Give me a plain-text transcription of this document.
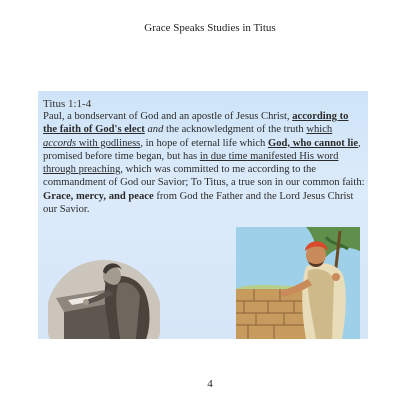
Grace Speaks Studies in Titus
Titus 1:1-4
Paul, a bondservant of God and an apostle of Jesus Christ, according to the faith of God's elect and the acknowledgment of the truth which accords with godliness, in hope of eternal life which God, who cannot lie, promised before time began, but has in due time manifested His word through preaching, which was committed to me according to the commandment of God our Savior; To Titus, a true son in our common faith: Grace, mercy, and peace from God the Father and the Lord Jesus Christ our Savior.
4
